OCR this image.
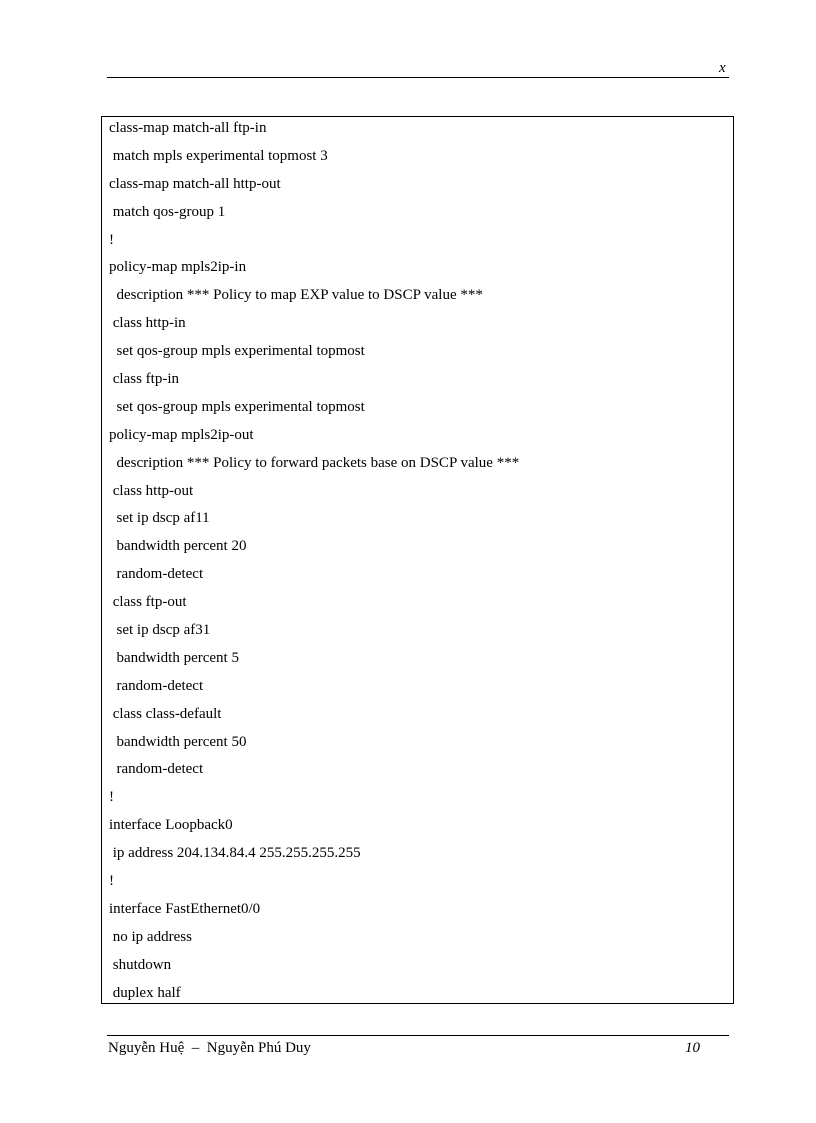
x
class-map match-all ftp-in
match mpls experimental topmost 3
class-map match-all http-out
match qos-group 1
!
policy-map mpls2ip-in
description *** Policy to map EXP value to DSCP value ***
class http-in
set qos-group mpls experimental topmost
class ftp-in
set qos-group mpls experimental topmost
policy-map mpls2ip-out
description *** Policy to forward packets base on DSCP value ***
class http-out
set ip dscp af11
bandwidth percent 20
random-detect
class ftp-out
set ip dscp af31
bandwidth percent 5
random-detect
class class-default
bandwidth percent 50
random-detect
!
interface Loopback0
ip address 204.134.84.4 255.255.255.255
!
interface FastEthernet0/0
no ip address
shutdown
duplex half
Nguyễn Huệ  –  Nguyễn Phú Duy	10
